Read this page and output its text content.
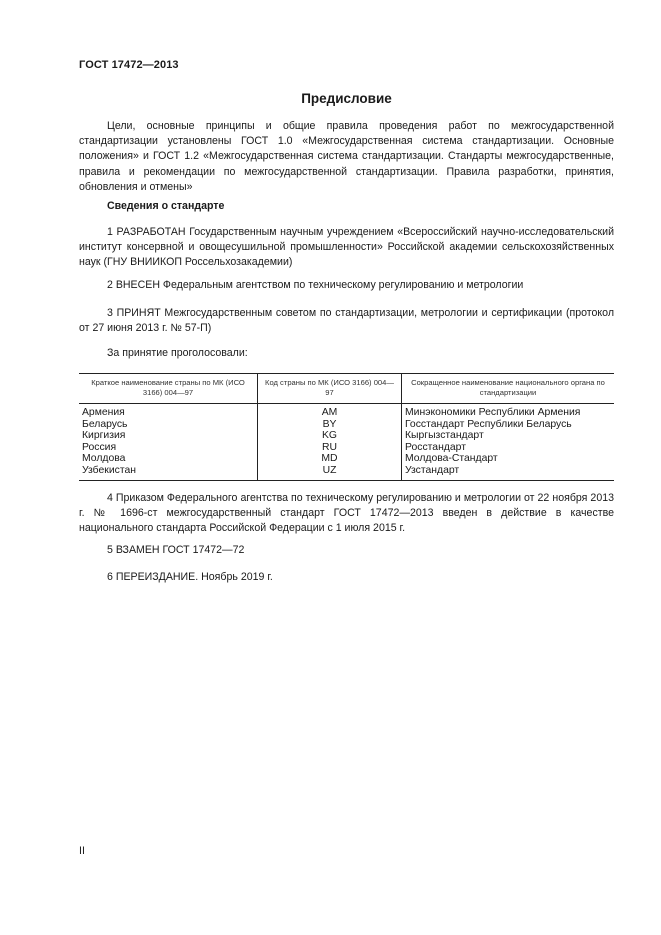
ГОСТ 17472—2013
Предисловие
Цели, основные принципы и общие правила проведения работ по межгосударственной стандартизации установлены ГОСТ 1.0 «Межгосударственная система стандартизации. Основные положения» и ГОСТ 1.2 «Межгосударственная система стандартизации. Стандарты межгосударственные, правила и рекомендации по межгосударственной стандартизации. Правила разработки, принятия, обновления и отмены»
Сведения о стандарте
1 РАЗРАБОТАН Государственным научным учреждением «Всероссийский научно-исследовательский институт консервной и овощесушильной промышленности» Российской академии сельскохозяйственных наук (ГНУ ВНИИКОП Россельхозакадемии)
2 ВНЕСЕН Федеральным агентством по техническому регулированию и метрологии
3 ПРИНЯТ Межгосударственным советом по стандартизации, метрологии и сертификации (протокол от 27 июня 2013 г. № 57-П)
За принятие проголосовали:
Краткое наименование страны по МК (ИСО 3166) 004—97	Код страны по МК (ИСО 3166) 004—97	Сокращенное наименование национального органа по стандартизации
Армения	AM	Минэкономики Республики Армения
Беларусь	BY	Госстандарт Республики Беларусь
Киргизия	KG	Кыргызстандарт
Россия	RU	Росстандарт
Молдова	MD	Молдова-Стандарт
Узбекистан	UZ	Узстандарт
4 Приказом Федерального агентства по техническому регулированию и метрологии от 22 ноября 2013 г. № 1696-ст межгосударственный стандарт ГОСТ 17472—2013 введен в действие в качестве национального стандарта Российской Федерации с 1 июля 2015 г.
5 ВЗАМЕН ГОСТ 17472—72
6 ПЕРЕИЗДАНИЕ. Ноябрь 2019 г.
II
